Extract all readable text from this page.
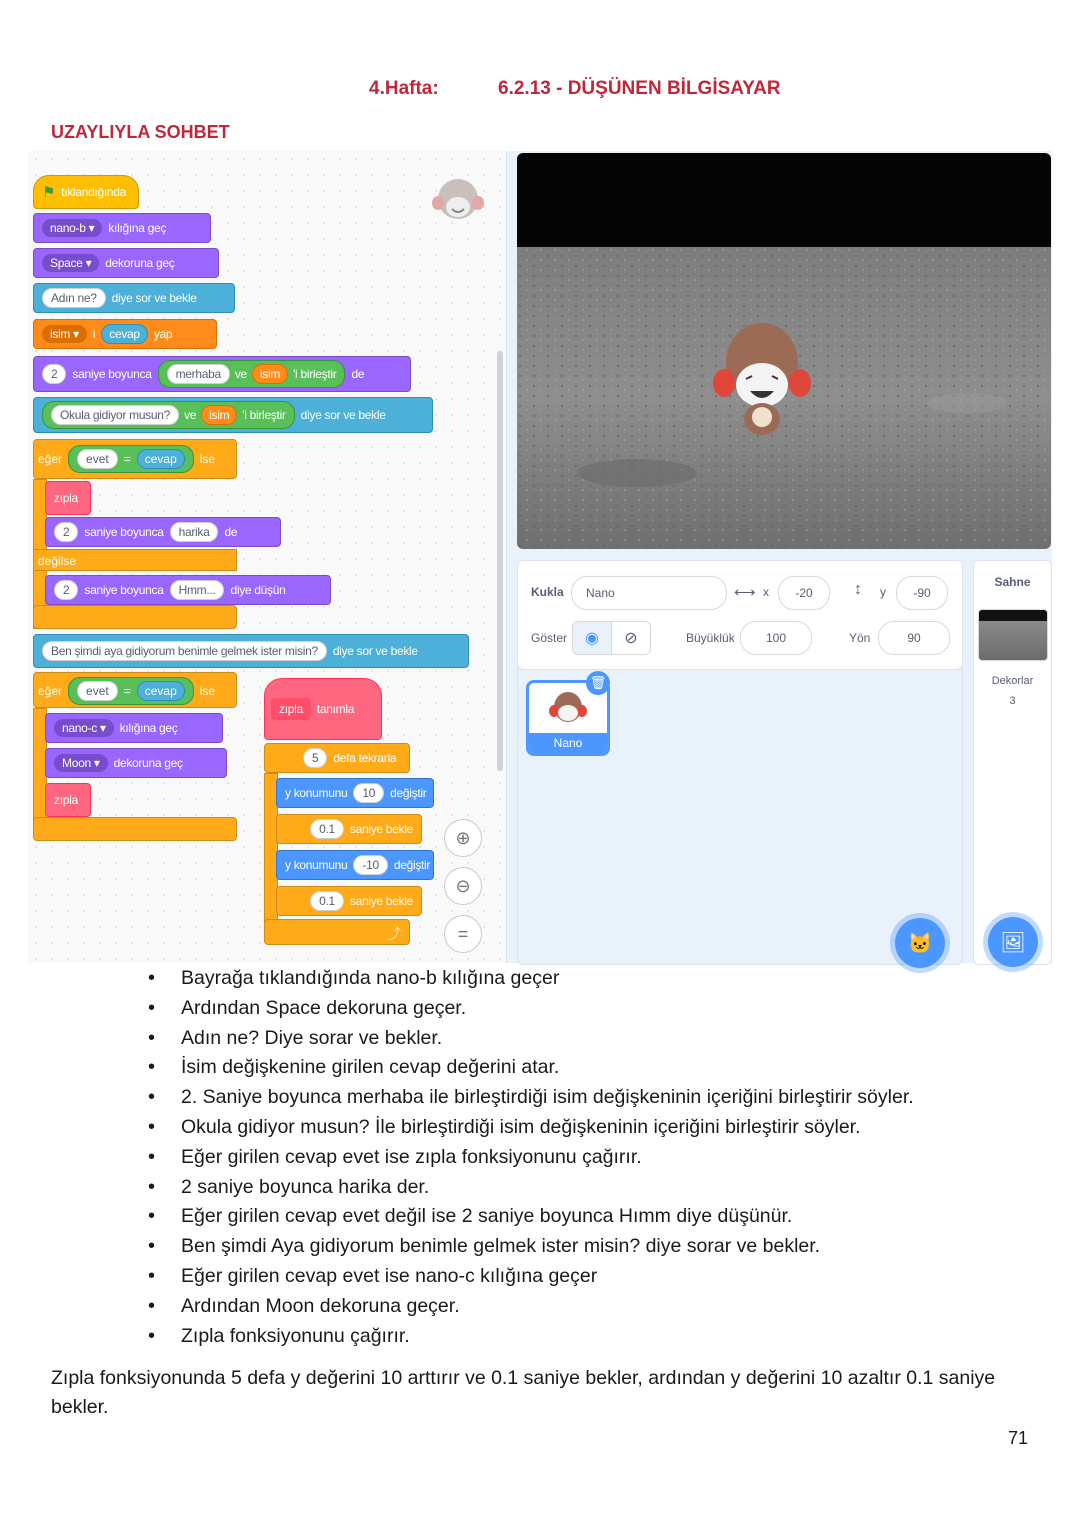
4.Hafta:	6.2.13 - DÜŞÜNEN BİLGİSAYAR
UZAYLIYLA SOHBET
⚑ tıklandığında
nano-b ▾	kılığına geç
Space ▾	dekoruna geç
Adın ne?	diye sor ve bekle
isim ▾	i	cevap	yap
2	saniye boyunca	merhaba	ve	isim	'i birleştir de
Okula gidiyor musun?	ve	isim	'i birleştir diye sor ve bekle
eğer	evet	=	cevap	ise
zıpla
2	saniye boyunca	harika	de
değilse
2	saniye boyunca	Hmm...	diye düşün
Ben şimdi aya gidiyorum benimle gelmek ister misin?	diye sor ve bekle
eğer	evet	=	cevap	ise
nano-c ▾	kılığına geç
Moon ▾	dekoruna geç
zıpla
zıpla	tanımla
5	defa tekrarla
y konumunu	10	değiştir
0.1	saniye bekle
y konumunu	-10	değiştir
0.1	saniye bekle
⤴
⊕
⊖
=
Kukla	Nano	⟷ x	-20	↕ y	-90
Göster	◉	⊘	Büyüklük	100	Yön	90
Nano
🗑
🐱
Sahne
Dekorlar
3
🖼
• Bayrağa tıklandığında nano-b kılığına geçer
• Ardından Space dekoruna geçer.
• Adın ne? Diye sorar ve bekler.
• İsim değişkenine girilen cevap değerini atar.
• 2. Saniye boyunca merhaba ile birleştirdiği isim değişkeninin içeriğini birleştirir söyler.
• Okula gidiyor musun? İle birleştirdiği isim değişkeninin içeriğini birleştirir söyler.
• Eğer girilen cevap evet ise zıpla fonksiyonunu çağırır.
• 2 saniye boyunca harika der.
• Eğer girilen cevap evet değil ise 2 saniye boyunca Hımm diye düşünür.
• Ben şimdi Aya gidiyorum benimle gelmek ister misin? diye sorar ve bekler.
• Eğer girilen cevap evet ise nano-c kılığına geçer
• Ardından Moon dekoruna geçer.
• Zıpla fonksiyonunu çağırır.
Zıpla fonksiyonunda 5 defa y değerini 10 arttırır ve 0.1 saniye bekler, ardından y değerini 10 azaltır 0.1 saniye bekler.
71
